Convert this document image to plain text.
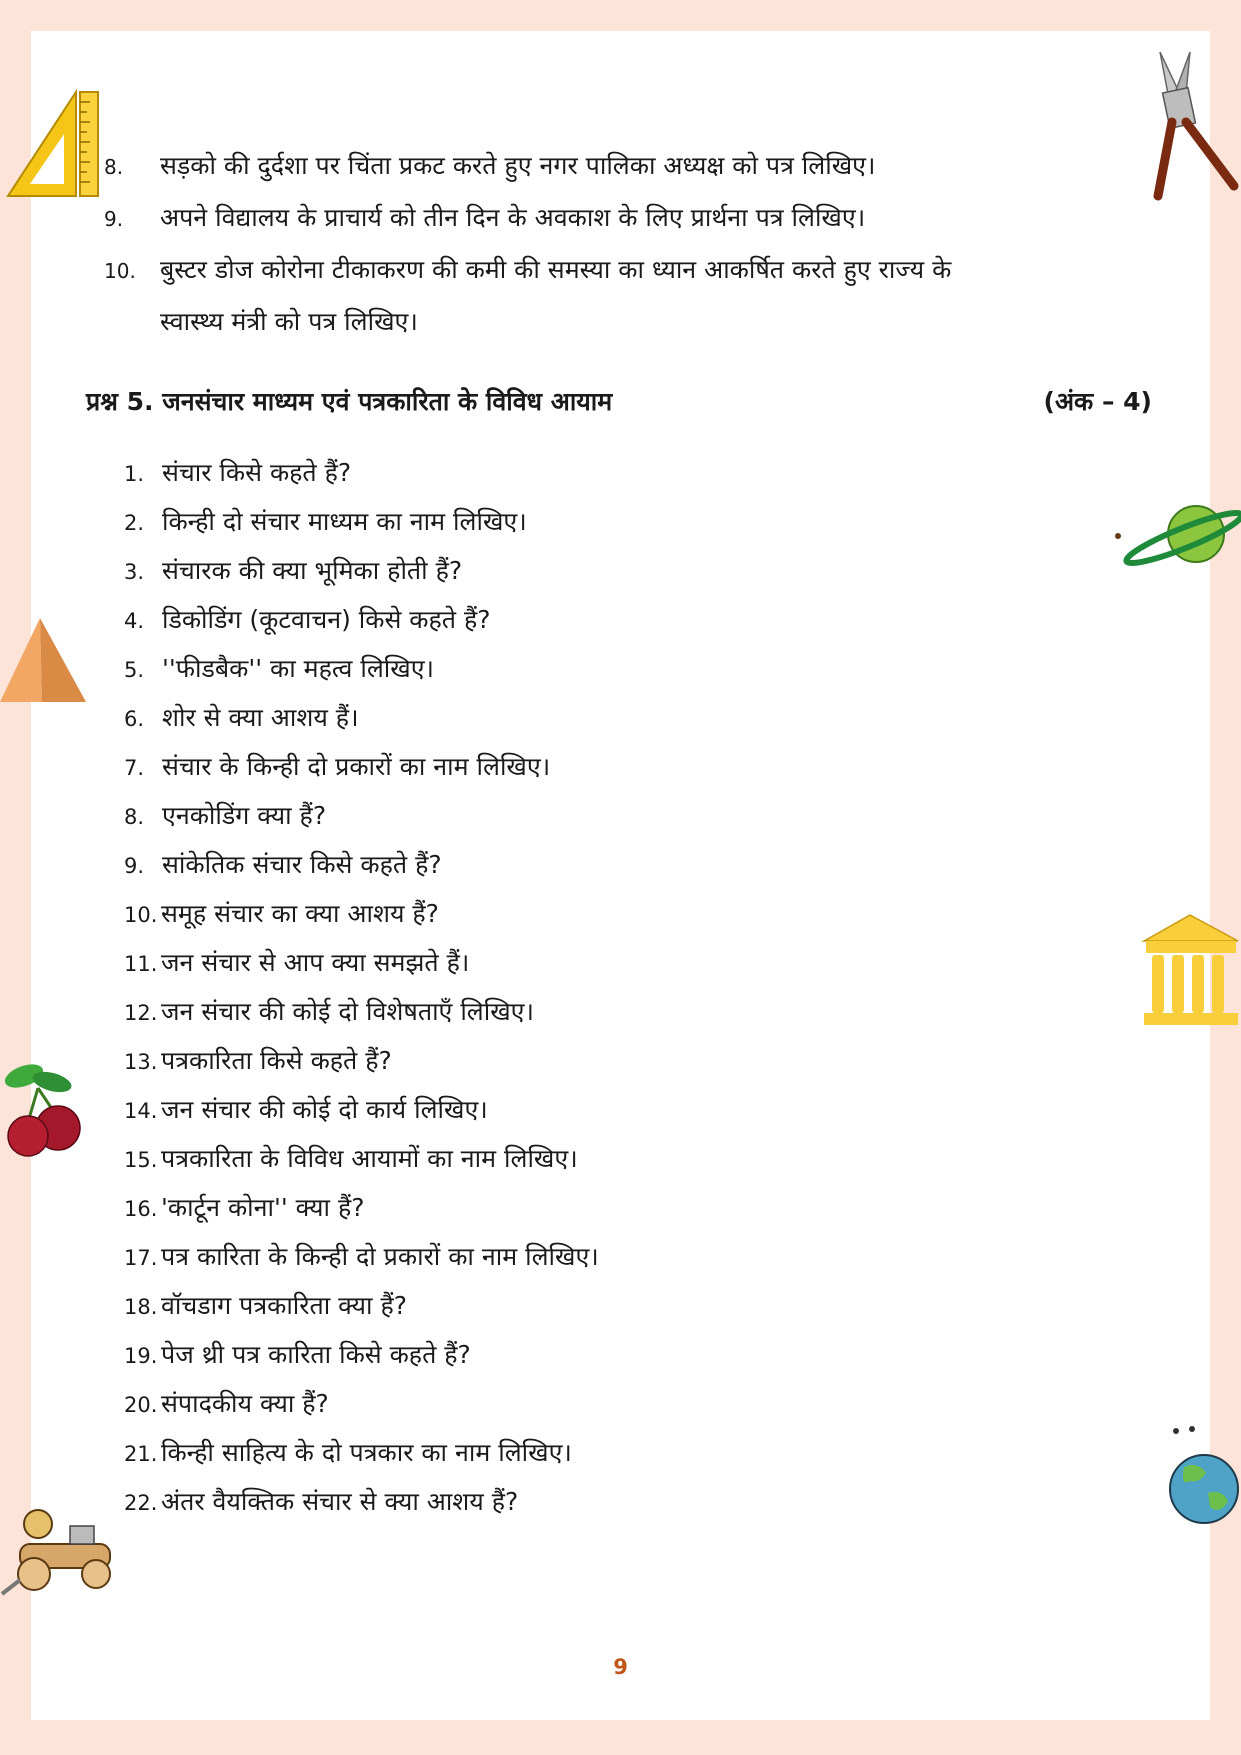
8. सड़को की दुर्दशा पर चिंता प्रकट करते हुए नगर पालिका अध्यक्ष को पत्र लिखिए।
9. अपने विद्यालय के प्राचार्य को तीन दिन के अवकाश के लिए प्रार्थना पत्र लिखिए।
10. बुस्टर डोज कोरोना टीकाकरण की कमी की समस्या का ध्यान आकर्षित करते हुए राज्य के
स्वास्थ्य मंत्री को पत्र लिखिए।
प्रश्न 5. जनसंचार माध्यम एवं पत्रकारिता के विविध आयाम	(अंक – 4)
1. संचार किसे कहते हैं?
2. किन्ही दो संचार माध्यम का नाम लिखिए।
3. संचारक की क्या भूमिका होती हैं?
4. डिकोडिंग (कूटवाचन) किसे कहते हैं?
5. ''फीडबैक'' का महत्व लिखिए।
6. शोर से क्या आशय हैं।
7. संचार के किन्ही दो प्रकारों का नाम लिखिए।
8. एनकोडिंग क्या हैं?
9. सांकेतिक संचार किसे कहते हैं?
10. समूह संचार का क्या आशय हैं?
11. जन संचार से आप क्या समझते हैं।
12. जन संचार की कोई दो विशेषताएँ लिखिए।
13. पत्रकारिता किसे कहते हैं?
14. जन संचार की कोई दो कार्य लिखिए।
15. पत्रकारिता के विविध आयामों का नाम लिखिए।
16. 'कार्टून कोना'' क्या हैं?
17. पत्र कारिता के किन्ही दो प्रकारों का नाम लिखिए।
18. वॉचडाग पत्रकारिता क्या हैं?
19. पेज थ्री पत्र कारिता किसे कहते हैं?
20. संपादकीय क्या हैं?
21. किन्ही साहित्य के दो पत्रकार का नाम लिखिए।
22. अंतर वैयक्तिक संचार से क्या आशय हैं?
9
